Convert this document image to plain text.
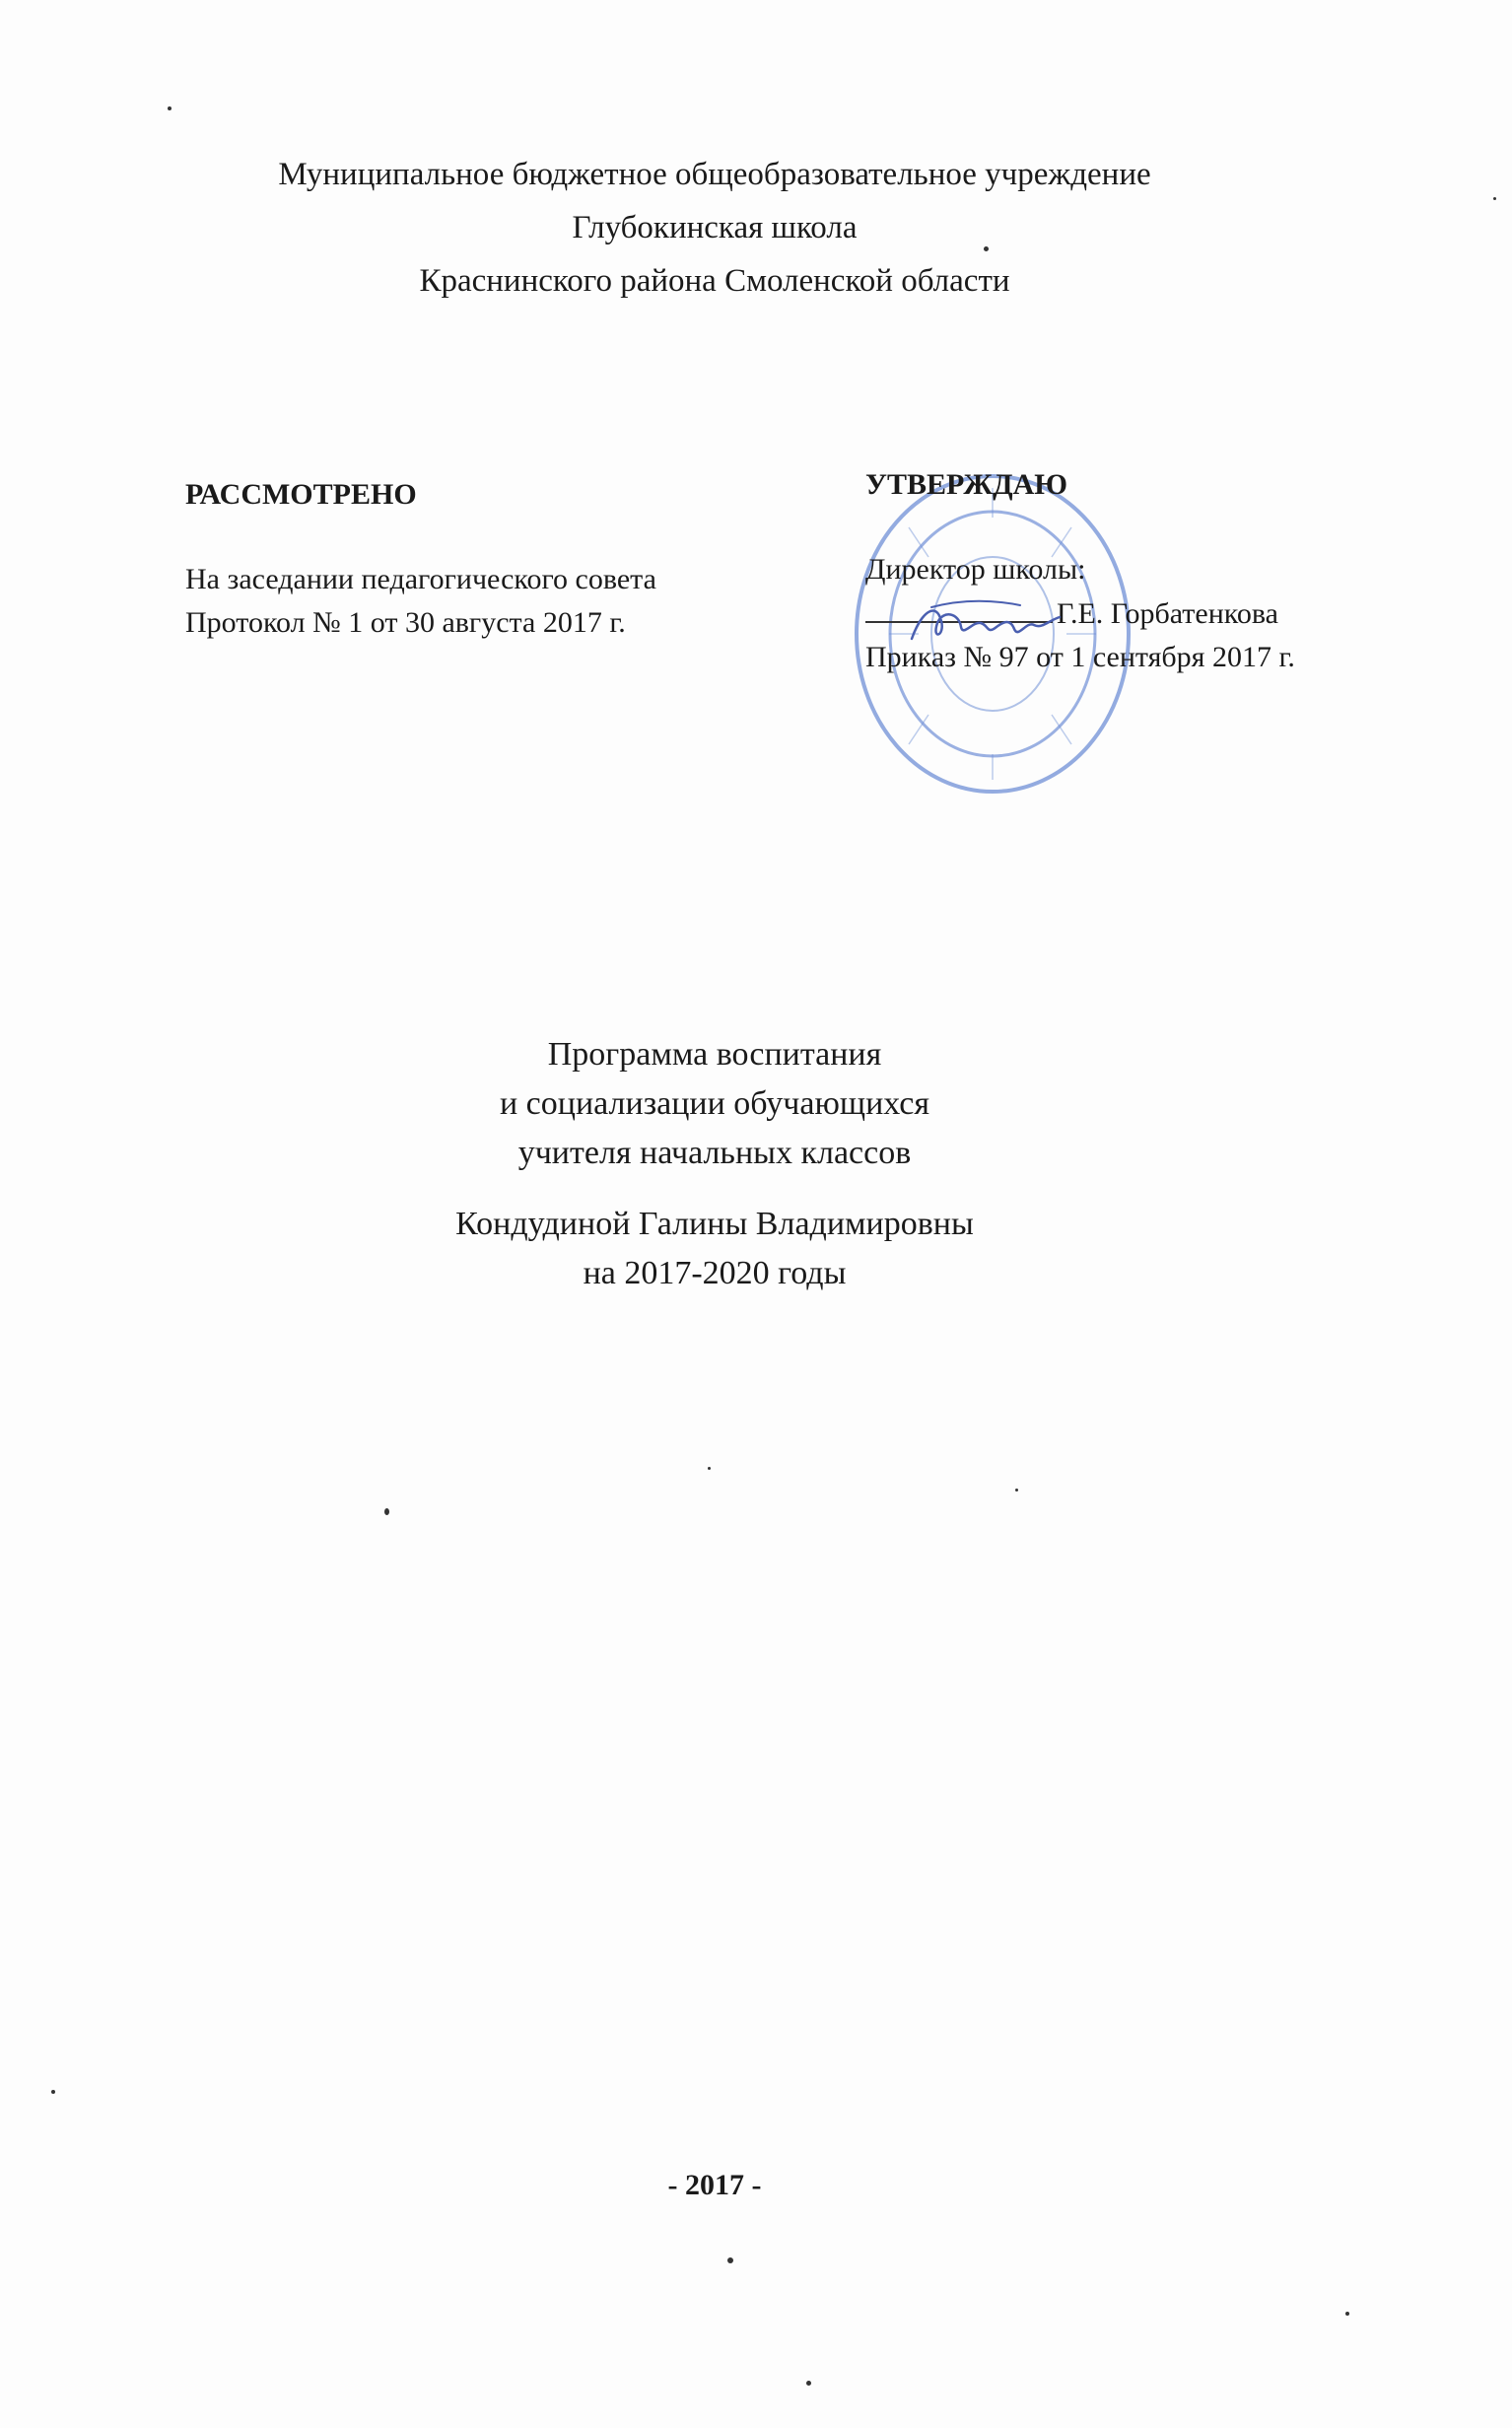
Муниципальное бюджетное общеобразовательное учреждение
Глубокинская школа
Краснинского района Смоленской области
РАССМОТРЕНО
На заседании педагогического совета
Протокол № 1 от 30 августа 2017 г.
УТВЕРЖДАЮ
Директор школы:
Г.Е. Горбатенкова
Приказ № 97 от 1 сентября 2017 г.
Программа воспитания
и социализации обучающихся
учителя начальных классов
Кондудиной Галины Владимировны
на 2017-2020 годы
- 2017 -
